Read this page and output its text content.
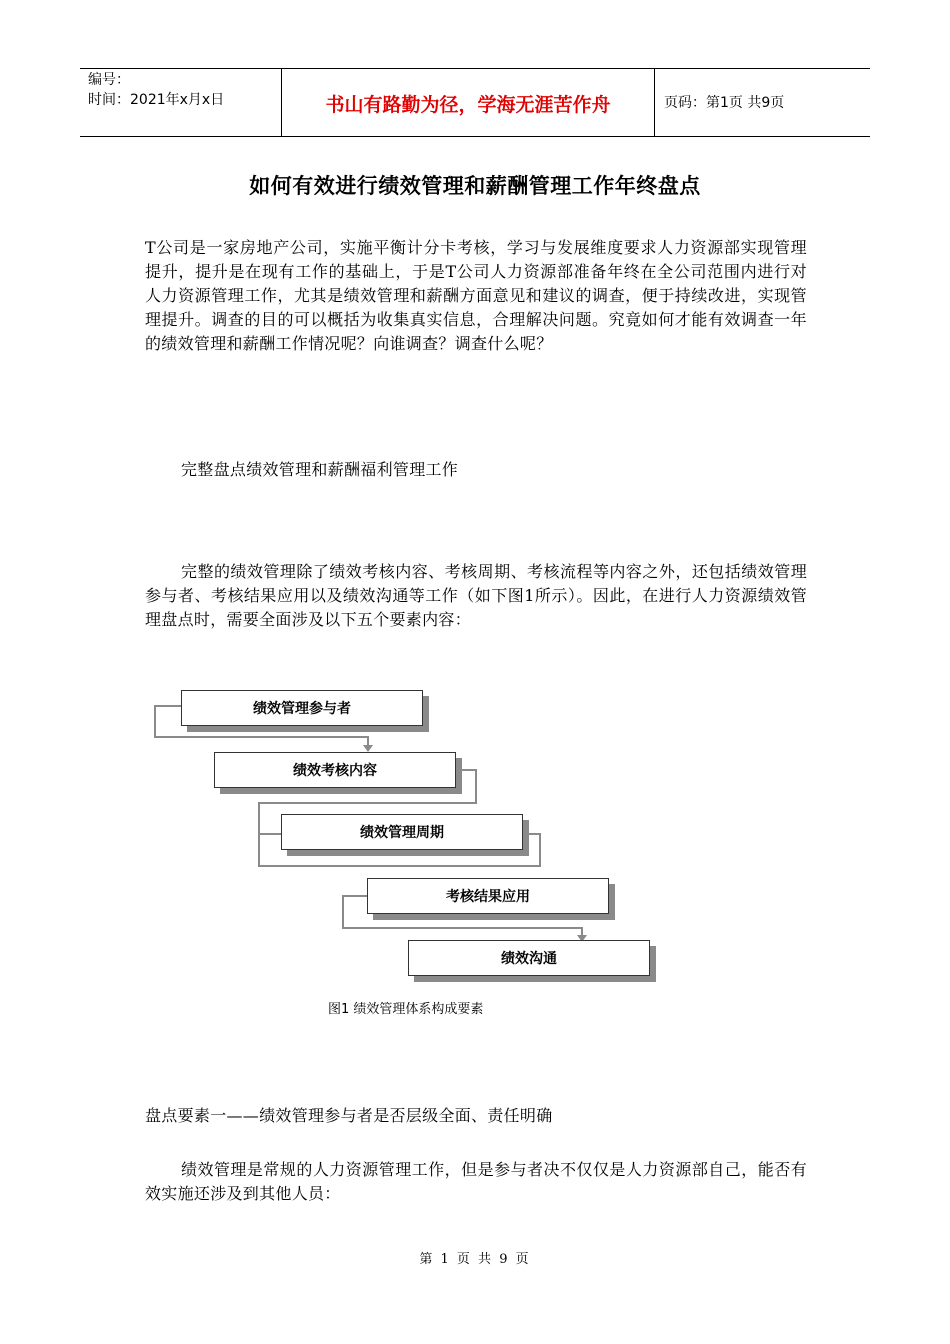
编号：
时间：2021年x月x日	书山有路勤为径，学海无涯苦作舟	页码：第1页 共9页
如何有效进行绩效管理和薪酬管理工作年终盘点
T公司是一家房地产公司，实施平衡计分卡考核，学习与发展维度要求人力资源部实现管理提升，提升是在现有工作的基础上，于是T公司人力资源部准备年终在全公司范围内进行对人力资源管理工作，尤其是绩效管理和薪酬方面意见和建议的调查，便于持续改进，实现管理提升。调查的目的可以概括为收集真实信息，合理解决问题。究竟如何才能有效调查一年的绩效管理和薪酬工作情况呢？向谁调查？调查什么呢？
完整盘点绩效管理和薪酬福利管理工作
完整的绩效管理除了绩效考核内容、考核周期、考核流程等内容之外，还包括绩效管理参与者、考核结果应用以及绩效沟通等工作（如下图1所示）。因此，在进行人力资源绩效管理盘点时，需要全面涉及以下五个要素内容：
绩效管理参与者
绩效考核内容
绩效管理周期
考核结果应用
绩效沟通
图1 绩效管理体系构成要素
盘点要素一——绩效管理参与者是否层级全面、责任明确
绩效管理是常规的人力资源管理工作，但是参与者决不仅仅是人力资源部自己，能否有效实施还涉及到其他人员：
第 1 页 共 9 页
